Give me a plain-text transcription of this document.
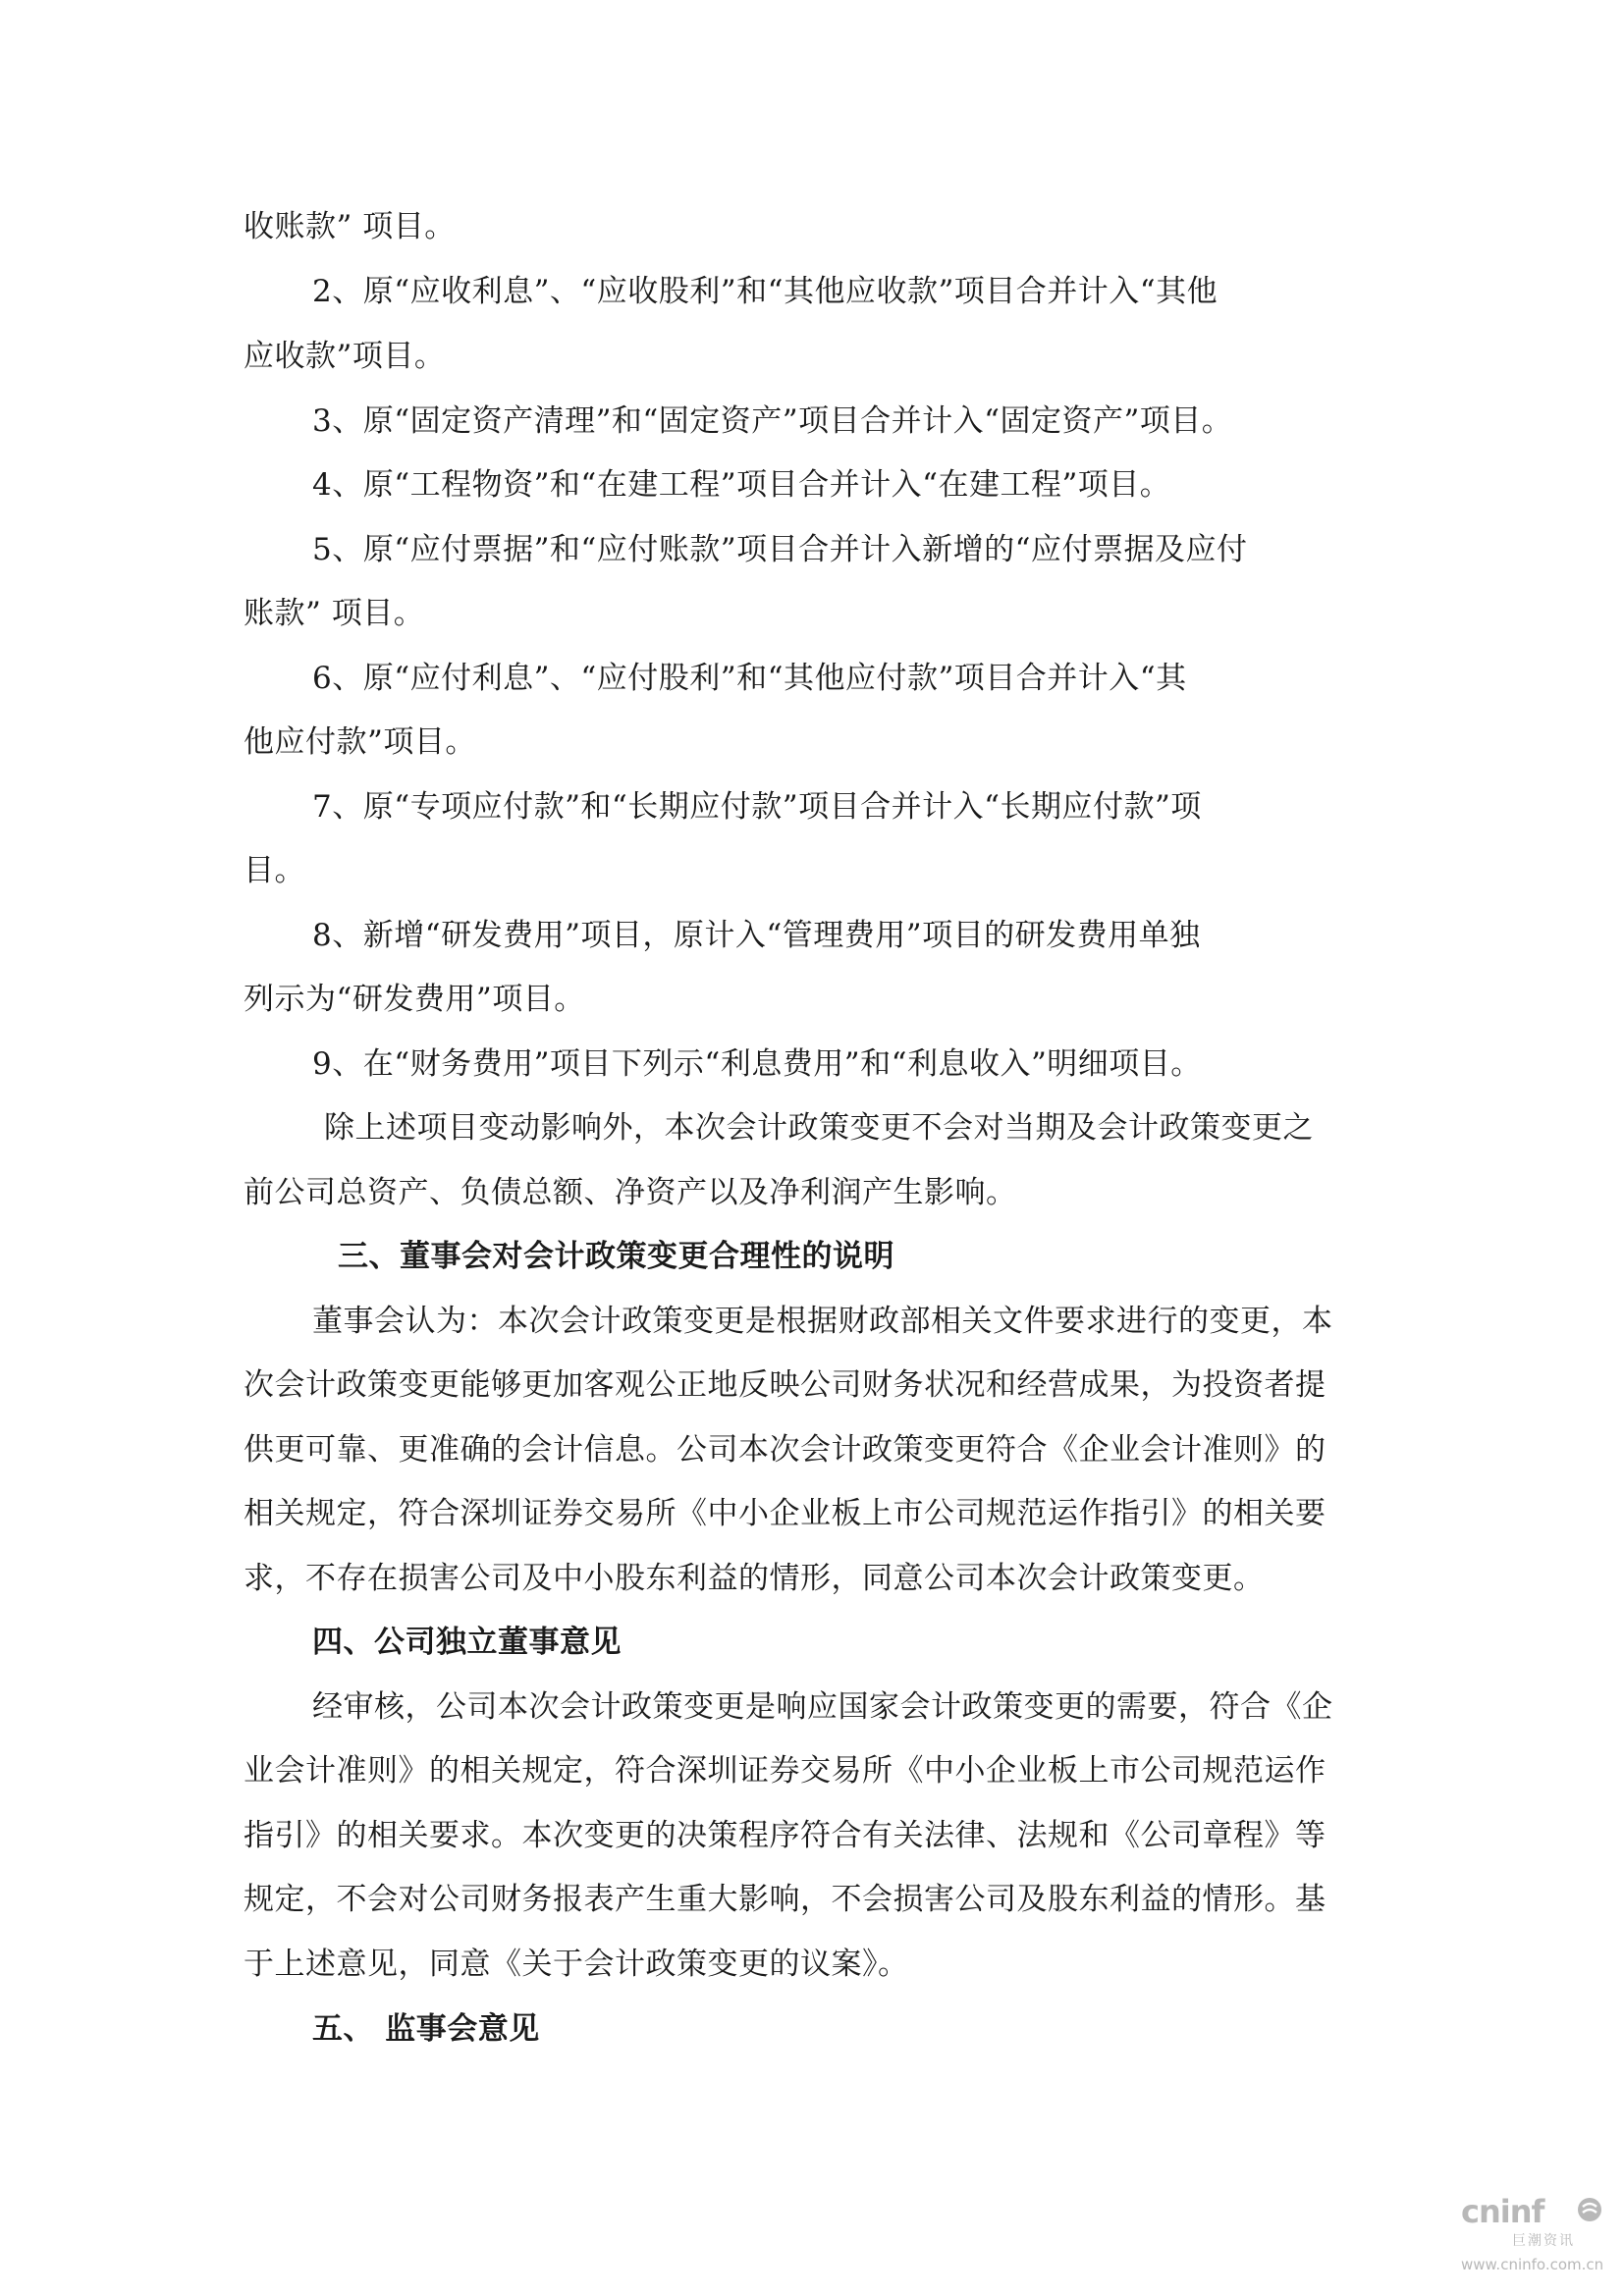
收账款” 项目。
2、原“应收利息”、“应收股利”和“其他应收款”项目合并计入“其他
应收款”项目。
3、原“固定资产清理”和“固定资产”项目合并计入“固定资产”项目。
4、原“工程物资”和“在建工程”项目合并计入“在建工程”项目。
5、原“应付票据”和“应付账款”项目合并计入新增的“应付票据及应付
账款” 项目。
6、原“应付利息”、“应付股利”和“其他应付款”项目合并计入“其
他应付款”项目。
7、原“专项应付款”和“长期应付款”项目合并计入“长期应付款”项
目。
8、新增“研发费用”项目，原计入“管理费用”项目的研发费用单独
列示为“研发费用”项目。
9、在“财务费用”项目下列示“利息费用”和“利息收入”明细项目。
除上述项目变动影响外，本次会计政策变更不会对当期及会计政策变更之
前公司总资产、负债总额、净资产以及净利润产生影响。
三、董事会对会计政策变更合理性的说明
董事会认为：本次会计政策变更是根据财政部相关文件要求进行的变更，本
次会计政策变更能够更加客观公正地反映公司财务状况和经营成果，为投资者提
供更可靠、更准确的会计信息。公司本次会计政策变更符合《企业会计准则》的
相关规定，符合深圳证券交易所《中小企业板上市公司规范运作指引》的相关要
求，不存在损害公司及中小股东利益的情形，同意公司本次会计政策变更。
四、公司独立董事意见
经审核，公司本次会计政策变更是响应国家会计政策变更的需要，符合《企
业会计准则》的相关规定，符合深圳证券交易所《中小企业板上市公司规范运作
指引》的相关要求。本次变更的决策程序符合有关法律、法规和《公司章程》等
规定，不会对公司财务报表产生重大影响，不会损害公司及股东利益的情形。基
于上述意见，同意《关于会计政策变更的议案》。
五、 监事会意见
cninf
巨潮资讯
www.cninfo.com.cn
